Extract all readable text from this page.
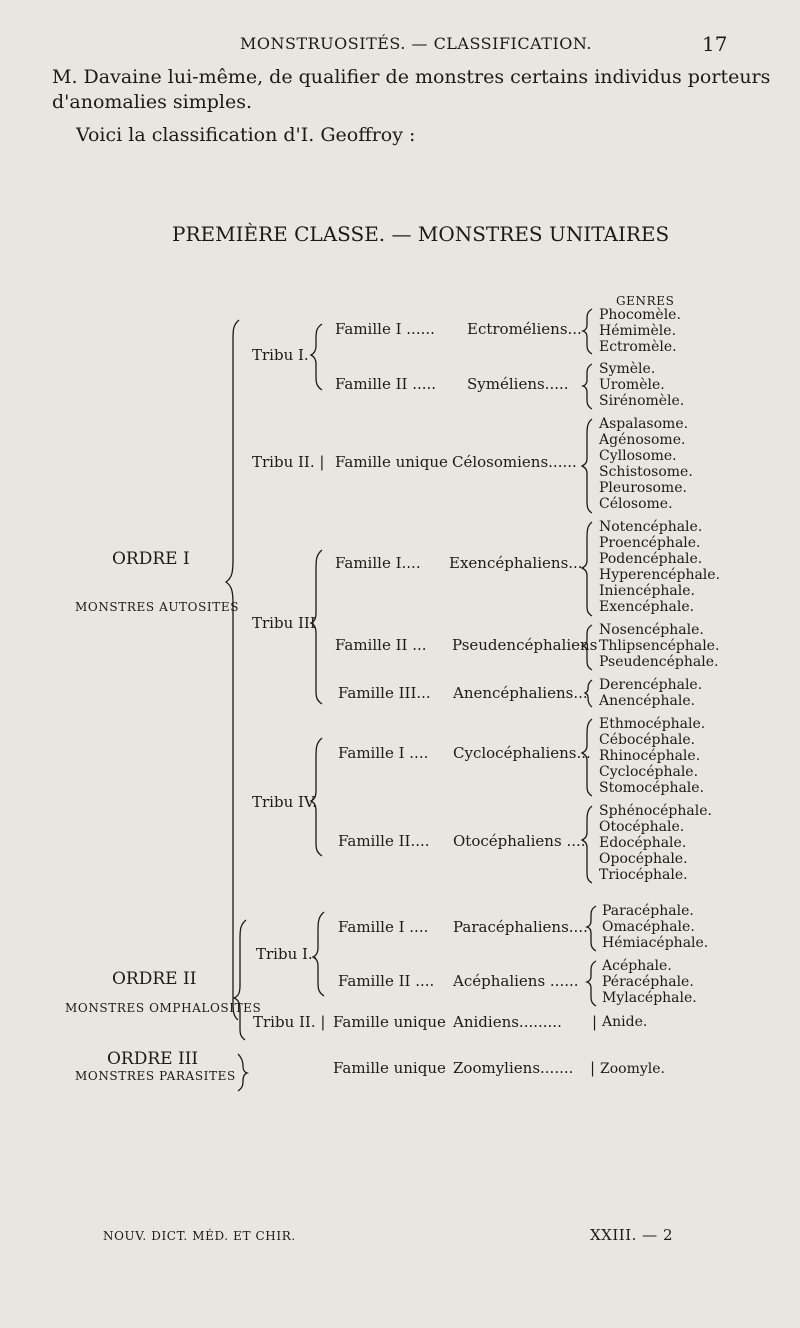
MONSTRUOSITÉS. — CLASSIFICATION.	17
M. Davaine lui-même, de qualifier de monstres certains individus porteurs
d'anomalies simples.
Voici la classification d'I. Geoffroy :
PREMIÈRE CLASSE. — MONSTRES UNITAIRES
GENRES
ORDRE I
MONSTRES AUTOSITES
ORDRE II
MONSTRES OMPHALOSITES
ORDRE III
MONSTRES PARASITES
Tribu I.
Tribu II. |
Tribu III
Tribu IV.
Tribu I..
Tribu II. |
Famille I ...... Ectroméliens...
Famille II ..... Syméliens.....
Famille unique Célosomiens......
Famille I.... Exencéphaliens...
Famille II ... Pseudencéphaliens
Famille III... Anencéphaliens...
Famille I .... Cyclocéphaliens...
Famille II.... Otocéphaliens ....
Famille I .... Paracéphaliens....
Famille II .... Acéphaliens ......
Famille unique Anidiens......... |
Famille unique Zoomyliens....... |
Phocomèle.
Hémimèle.
Ectromèle.
Symèle.
Uromèle.
Sirénomèle.
Aspalasome.
Agénosome.
Cyllosome.
Schistosome.
Pleurosome.
Célosome.
Notencéphale.
Proencéphale.
Podencéphale.
Hyperencéphale.
Iniencéphale.
Exencéphale.
Nosencéphale.
Thlipsencéphale.
Pseudencéphale.
Derencéphale.
Anencéphale.
Ethmocéphale.
Cébocéphale.
Rhinocéphale.
Cyclocéphale.
Stomocéphale.
Sphénocéphale.
Otocéphale.
Edocéphale.
Opocéphale.
Triocéphale.
Paracéphale.
Omacéphale.
Hémiacéphale.
Acéphale.
Péracéphale.
Mylacéphale.
Anide.
Zoomyle.
NOUV. DICT. MÉD. ET CHIR.	XXIII. — 2
